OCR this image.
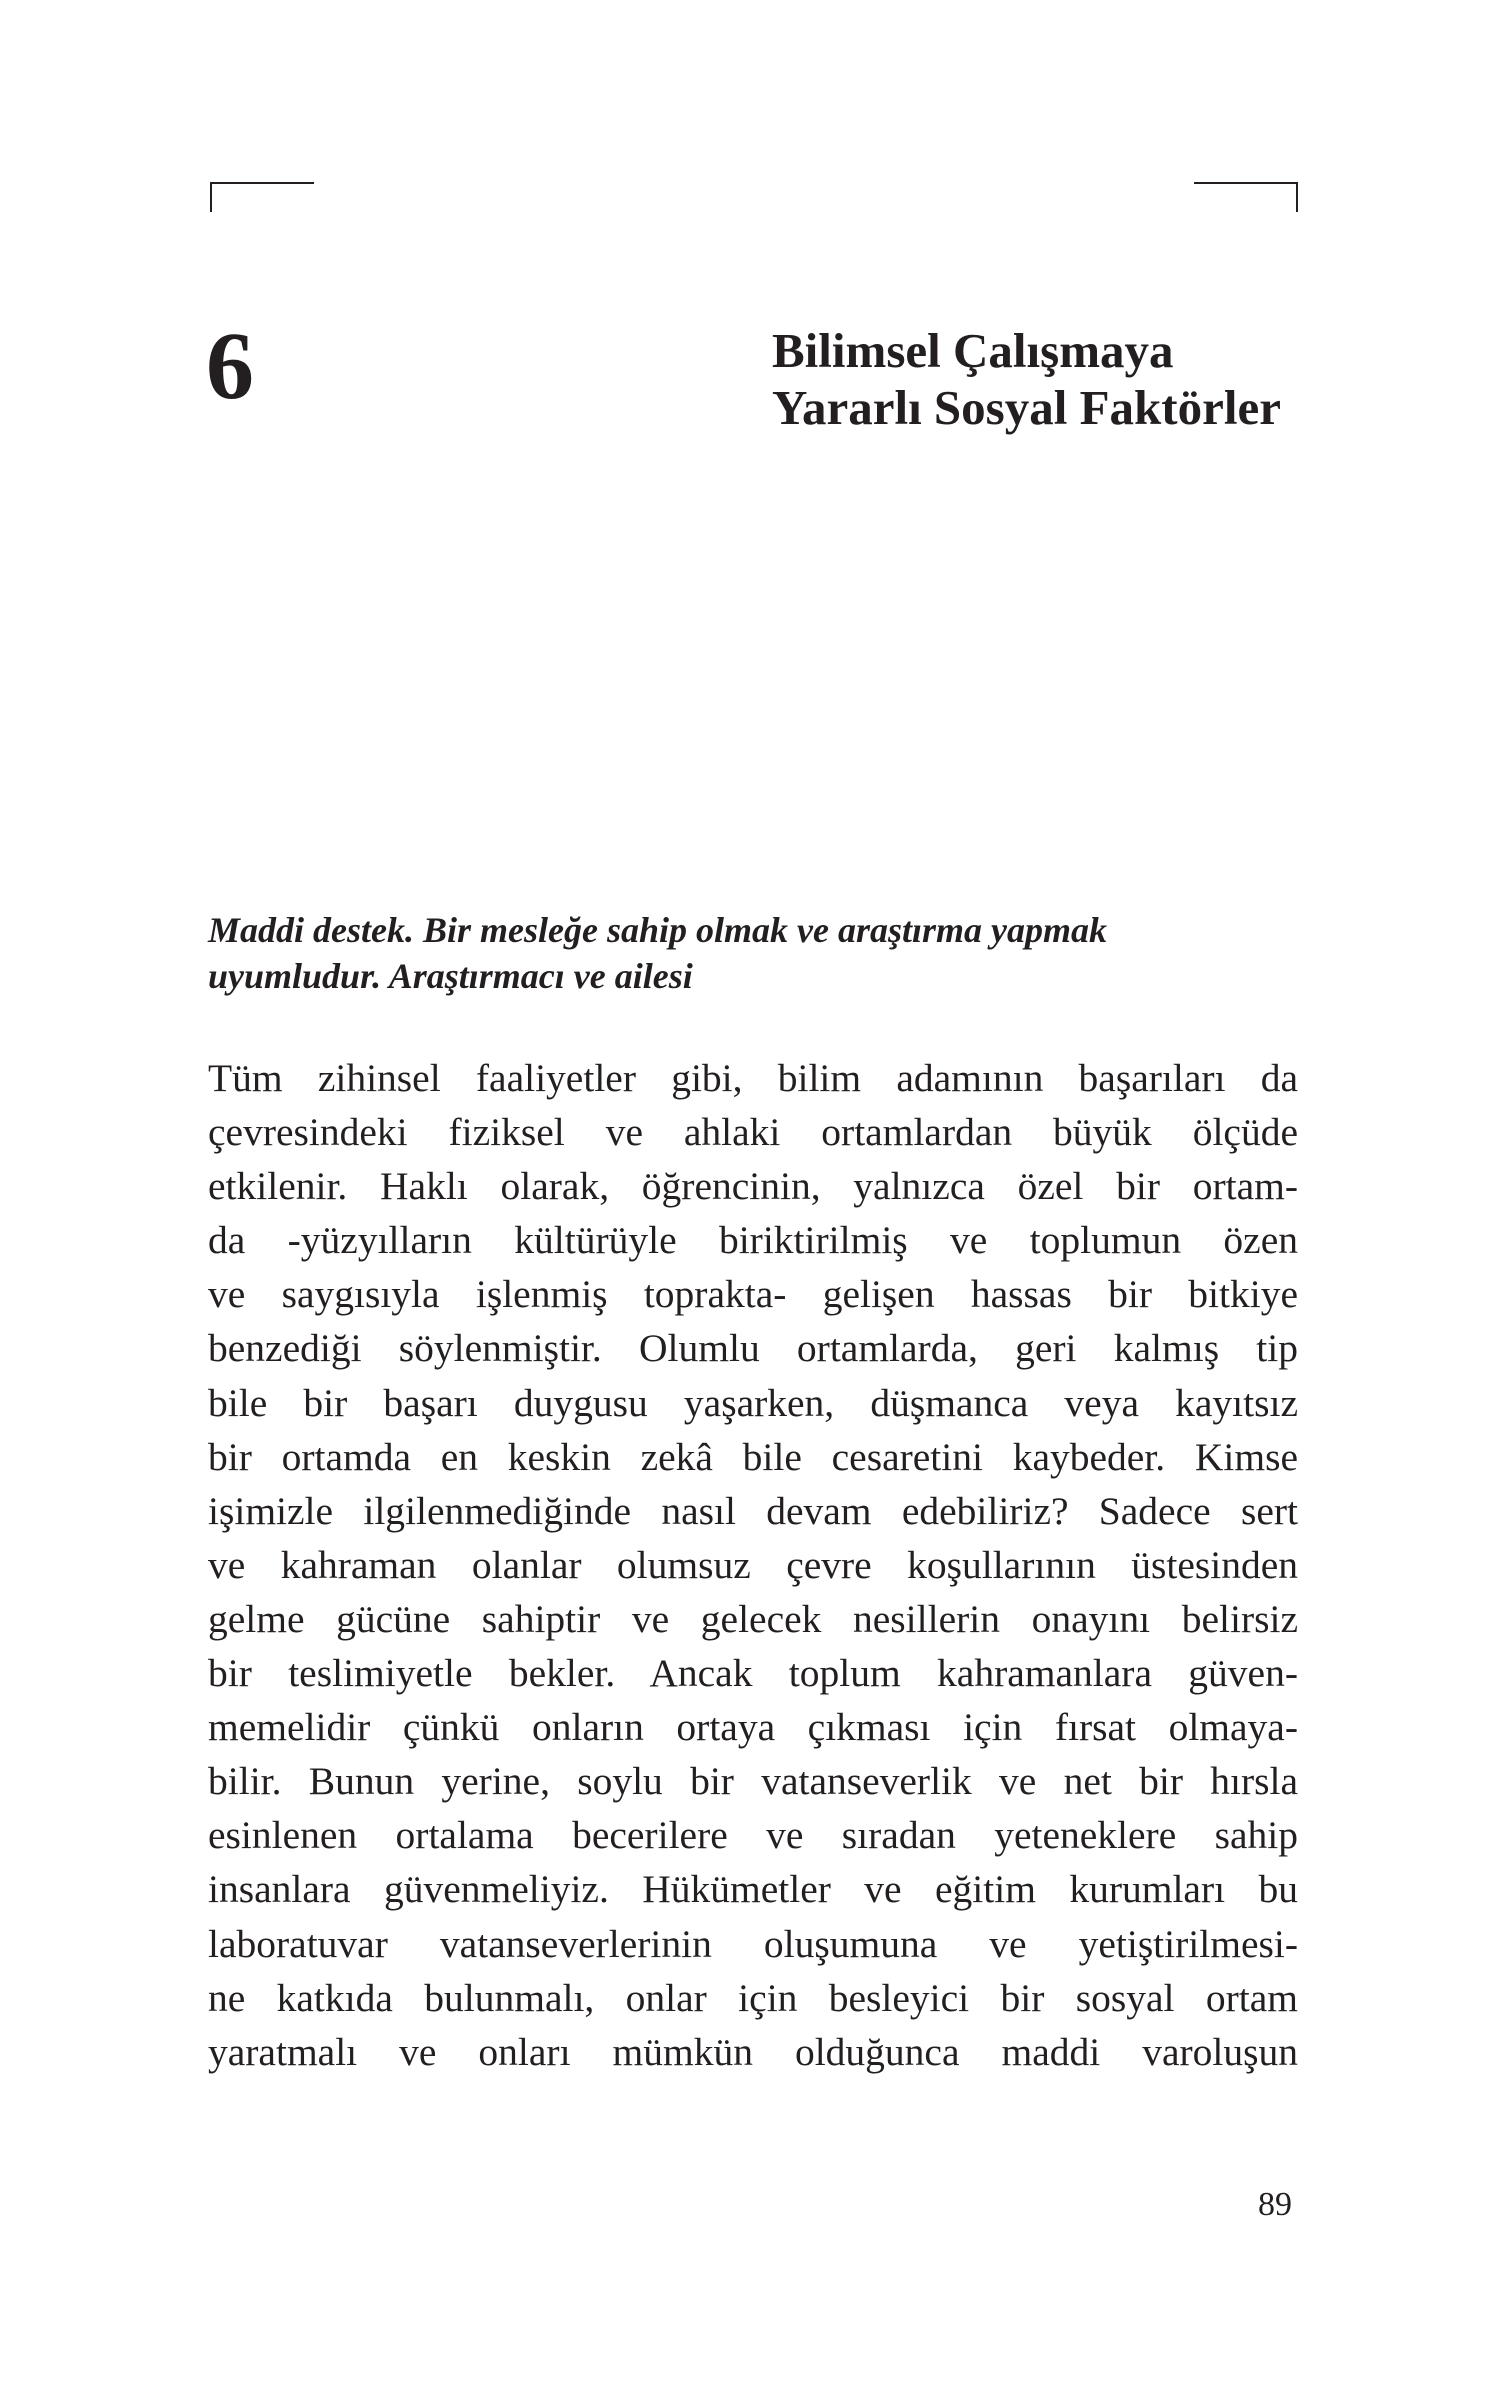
6	Bilimsel Çalışmaya
Yararlı Sosyal Faktörler
Maddi destek. Bir mesleğe sahip olmak ve araştırma yapmak
uyumludur. Araştırmacı ve ailesi
Tüm zihinsel faaliyetler gibi, bilim adamının başarıları da
çevresindeki fiziksel ve ahlaki ortamlardan büyük ölçüde
etkilenir. Haklı olarak, öğrencinin, yalnızca özel bir ortam-
da -yüzyılların kültürüyle biriktirilmiş ve toplumun özen
ve saygısıyla işlenmiş toprakta- gelişen hassas bir bitkiye
benzediği söylenmiştir. Olumlu ortamlarda, geri kalmış tip
bile bir başarı duygusu yaşarken, düşmanca veya kayıtsız
bir ortamda en keskin zekâ bile cesaretini kaybeder. Kimse
işimizle ilgilenmediğinde nasıl devam edebiliriz? Sadece sert
ve kahraman olanlar olumsuz çevre koşullarının üstesinden
gelme gücüne sahiptir ve gelecek nesillerin onayını belirsiz
bir teslimiyetle bekler. Ancak toplum kahramanlara güven-
memelidir çünkü onların ortaya çıkması için fırsat olmaya-
bilir. Bunun yerine, soylu bir vatanseverlik ve net bir hırsla
esinlenen ortalama becerilere ve sıradan yeteneklere sahip
insanlara güvenmeliyiz. Hükümetler ve eğitim kurumları bu
laboratuvar vatanseverlerinin oluşumuna ve yetiştirilmesi-
ne katkıda bulunmalı, onlar için besleyici bir sosyal ortam
yaratmalı ve onları mümkün olduğunca maddi varoluşun
89
